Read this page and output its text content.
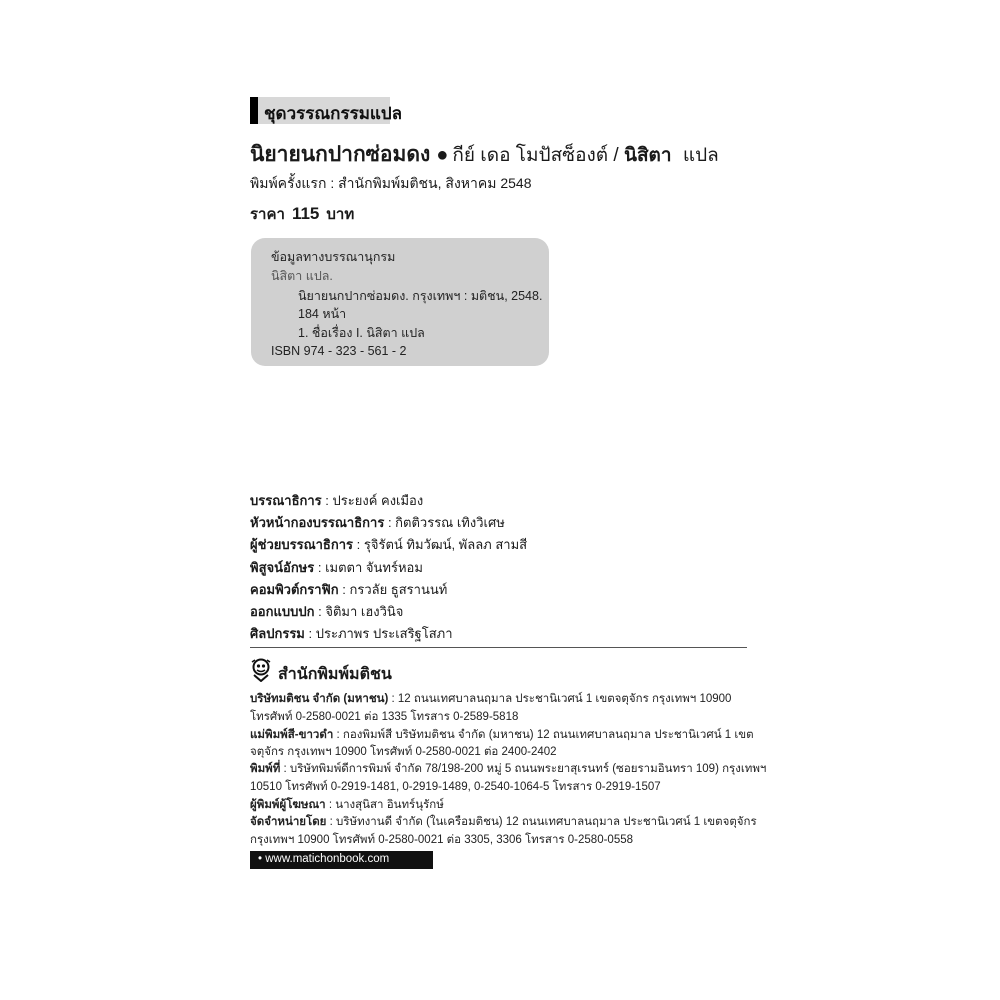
ชุดวรรณกรรมแปล
นิยายนกปากซ่อมดง ● กีย์ เดอ โมปัสซ็องต์ / นิสิตา แปล
พิมพ์ครั้งแรก : สำนักพิมพ์มติชน, สิงหาคม 2548
ราคา 115 บาท
ข้อมูลทางบรรณานุกรม
นิสิตา แปล.
นิยายนกปากซ่อมดง. กรุงเทพฯ : มติชน, 2548.
184 หน้า
1. ชื่อเรื่อง I. นิสิตา แปล
ISBN 974 - 323 - 561 - 2
บรรณาธิการ : ประยงค์ คงเมือง
หัวหน้ากองบรรณาธิการ : กิตติวรรณ เทิงวิเศษ
ผู้ช่วยบรรณาธิการ : รุจิรัตน์ ทิมวัฒน์, พัลลภ สามสี
พิสูจน์อักษร : เมตตา จันทร์หอม
คอมพิวต์กราฟิก : กรวลัย ธูสรานนท์
ออกแบบปก : จิติมา เฮงวินิจ
ศิลปกรรม : ประภาพร ประเสริฐโสภา
สำนักพิมพ์มติชน
บริษัทมติชน จำกัด (มหาชน) : 12 ถนนเทศบาลนฤมาล ประชานิเวศน์ 1 เขตจตุจักร กรุงเทพฯ 10900
โทรศัพท์ 0-2580-0021 ต่อ 1335 โทรสาร 0-2589-5818
แม่พิมพ์สี-ขาวดำ : กองพิมพ์สี บริษัทมติชน จำกัด (มหาชน) 12 ถนนเทศบาลนฤมาล ประชานิเวศน์ 1 เขต
จตุจักร กรุงเทพฯ 10900 โทรศัพท์ 0-2580-0021 ต่อ 2400-2402
พิมพ์ที่ : บริษัทพิมพ์ดีการพิมพ์ จำกัด 78/198-200 หมู่ 5 ถนนพระยาสุเรนทร์ (ซอยรามอินทรา 109) กรุงเทพฯ
10510 โทรศัพท์ 0-2919-1481, 0-2919-1489, 0-2540-1064-5 โทรสาร 0-2919-1507
ผู้พิมพ์ผู้โฆษณา : นางสุนิสา อินทร์นุรักษ์
จัดจำหน่ายโดย : บริษัทงานดี จำกัด (ในเครือมติชน) 12 ถนนเทศบาลนฤมาล ประชานิเวศน์ 1 เขตจตุจักร
กรุงเทพฯ 10900 โทรศัพท์ 0-2580-0021 ต่อ 3305, 3306 โทรสาร 0-2580-0558
• www.matichonbook.com
